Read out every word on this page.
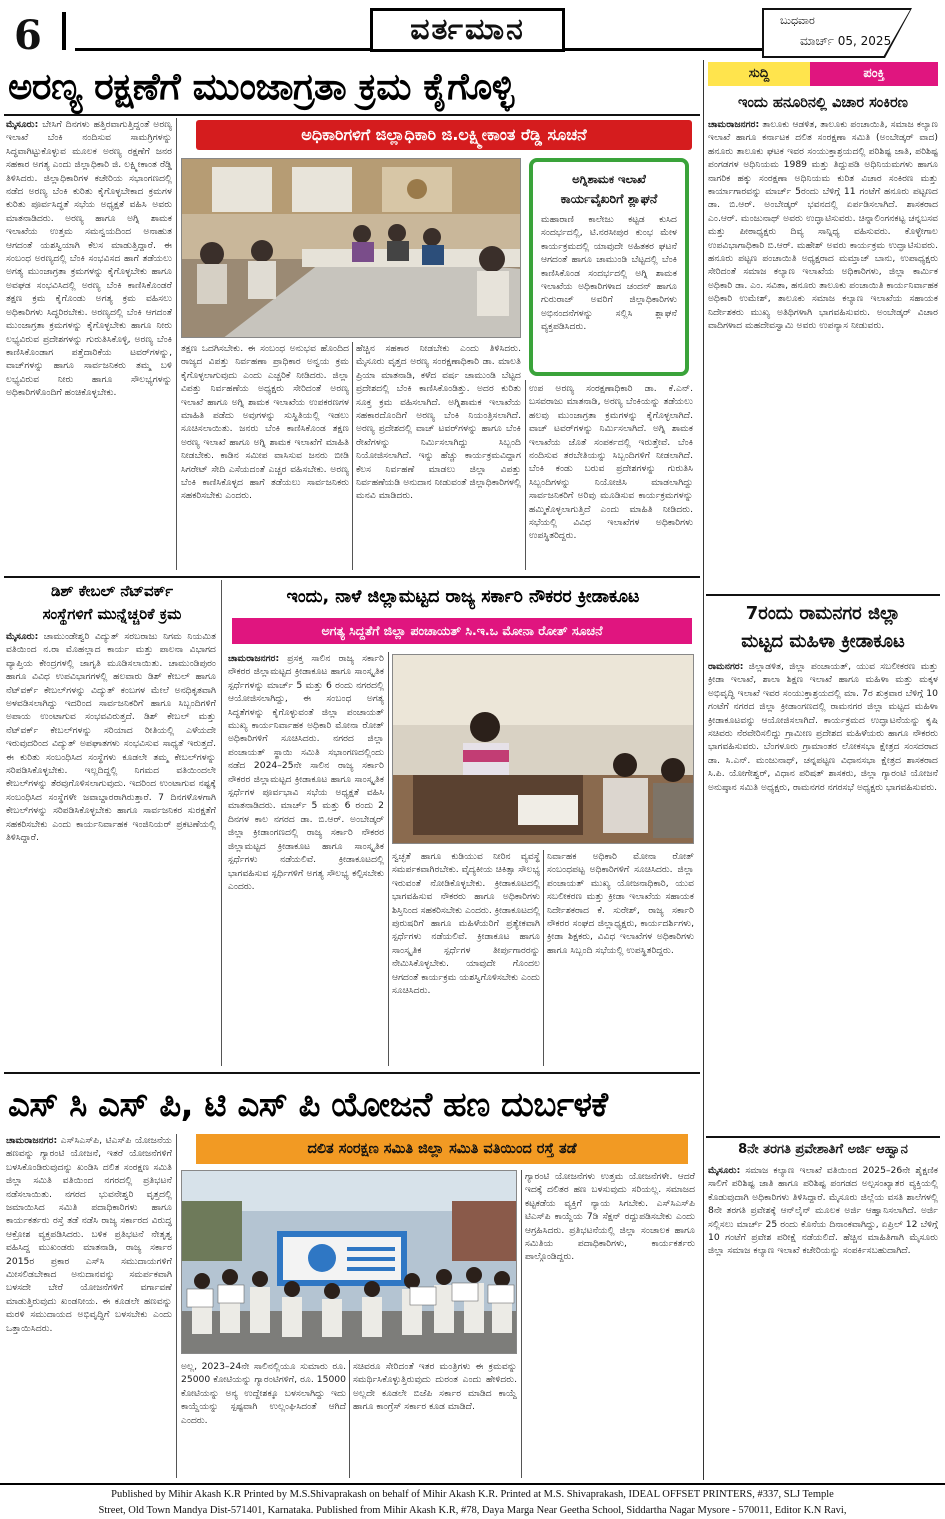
6	ವರ್ತಮಾನ	ಬುಧವಾರ
ಮಾರ್ಚ್ 05, 2025
ಅರಣ್ಯ ರಕ್ಷಣೆಗೆ ಮುಂಜಾಗ್ರತಾ ಕ್ರಮ ಕೈಗೊಳ್ಳಿ
ಮೈಸೂರು: ಬೇಸಿಗೆ ದಿನಗಳು ಹತ್ತಿರವಾಗುತ್ತಿದ್ದಂತೆ ಅರಣ್ಯ ಇಲಾಖೆ ಬೆಂಕಿ ನಂದಿಸುವ ಸಾಮಗ್ರಿಗಳನ್ನು ಸಿದ್ಧವಾಗಿಟ್ಟುಕೊಳ್ಳುವ ಮೂಲಕ ಅರಣ್ಯ ರಕ್ಷಣೆಗೆ ಜನರ ಸಹಕಾರ ಅಗತ್ಯ ಎಂದು ಜಿಲ್ಲಾಧಿಕಾರಿ ಜಿ. ಲಕ್ಷ್ಮೀಕಾಂತ ರೆಡ್ಡಿ ತಿಳಿಸಿದರು. ಜಿಲ್ಲಾಧಿಕಾರಿಗಳ ಕಚೇರಿಯ ಸಭಾಂಗಣದಲ್ಲಿ ನಡೆದ ಅರಣ್ಯ ಬೆಂಕಿ ಕುರಿತು ಕೈಗೊಳ್ಳಬೇಕಾದ ಕ್ರಮಗಳ ಕುರಿತು ಪೂರ್ವಸಿದ್ಧತೆ ಸಭೆಯ ಅಧ್ಯಕ್ಷತೆ ವಹಿಸಿ ಅವರು ಮಾತನಾಡಿದರು. ಅರಣ್ಯ ಹಾಗೂ ಅಗ್ನಿ ಶಾಮಕ ಇಲಾಖೆಯ ಉತ್ತಮ ಸಮನ್ವಯದಿಂದ ಅನಾಹುತ ಆಗದಂತೆ ಯಶಸ್ವಿಯಾಗಿ ಕೆಲಸ ಮಾಡುತ್ತಿದ್ದಾರೆ. ಈ ಸಂಬಂಧ ಅರಣ್ಯದಲ್ಲಿ ಬೆಂಕಿ ಸಂಭವಿಸದ ಹಾಗೆ ತಡೆಯಲು ಅಗತ್ಯ ಮುಂಜಾಗ್ರತಾ ಕ್ರಮಗಳನ್ನು ಕೈಗೊಳ್ಳಬೇಕು ಹಾಗೂ ಅವಘಡ ಸಂಭವಿಸಿದಲ್ಲಿ ಅರಣ್ಯ ಬೆಂಕಿ ಕಾಣಿಸಿಕೊಂಡರೆ ತಕ್ಷಣ ಕ್ರಮ ಕೈಗೊಂಡು ಅಗತ್ಯ ಕ್ರಮ ವಹಿಸಲು ಅಧಿಕಾರಿಗಳು ಸಿದ್ಧರಿರಬೇಕು. ಅರಣ್ಯದಲ್ಲಿ ಬೆಂಕಿ ಆಗದಂತೆ ಮುಂಜಾಗ್ರತಾ ಕ್ರಮಗಳನ್ನು ಕೈಗೊಳ್ಳಬೇಕು ಹಾಗೂ ನೀರು ಲಭ್ಯವಿರುವ ಪ್ರದೇಶಗಳನ್ನು ಗುರುತಿಸಿಕೊಳ್ಳಿ, ಅರಣ್ಯ ಬೆಂಕಿ ಕಾಣಿಸಿಕೊಂಡಾಗ ಪತ್ತೆದಾರಿಕೆಯ ಟವರ್‌ಗಳನ್ನು, ವಾಚ್‌ಗಳನ್ನು ಹಾಗೂ ಸಾರ್ವಜನಿಕರು ತಮ್ಮ ಬಳಿ ಲಭ್ಯವಿರುವ ನೀರು ಹಾಗೂ ಸೌಲಭ್ಯಗಳನ್ನು ಅಧಿಕಾರಿಗಳೊಂದಿಗೆ ಹಂಚಿಕೊಳ್ಳಬೇಕು.
ಅಧಿಕಾರಿಗಳಿಗೆ ಜಿಲ್ಲಾಧಿಕಾರಿ ಜಿ.ಲಕ್ಷ್ಮೀಕಾಂತ ರೆಡ್ಡಿ ಸೂಚನೆ
ಅಗ್ನಿಶಾಮಕ ಇಲಾಖೆ
ಕಾರ್ಯವೈಖರಿಗೆ ಶ್ಲಾಘನೆ
ಮಹಾರಾಣಿ ಕಾಲೇಜು ಕಟ್ಟಡ ಕುಸಿದ ಸಂದರ್ಭದಲ್ಲಿ, ಟಿ.ನರಸೀಪುರ ಕುಂಭ ಮೇಳ ಕಾರ್ಯಕ್ರಮದಲ್ಲಿ ಯಾವುದೇ ಅಹಿತಕರ ಘಟನೆ ಆಗದಂತೆ ಹಾಗೂ ಚಾಮುಂಡಿ ಬೆಟ್ಟದಲ್ಲಿ ಬೆಂಕಿ ಕಾಣಿಸಿಕೊಂಡ ಸಂದರ್ಭದಲ್ಲಿ ಅಗ್ನಿ ಶಾಮಕ ಇಲಾಖೆಯ ಅಧಿಕಾರಿಗಳಾದ ಚಂದನ್ ಹಾಗೂ ಗುರುರಾಜ್ ಅವರಿಗೆ ಜಿಲ್ಲಾಧಿಕಾರಿಗಳು ಅಭಿನಂದನೆಗಳನ್ನು ಸಲ್ಲಿಸಿ ಶ್ಲಾಘನೆ ವ್ಯಕ್ತಪಡಿಸಿದರು.
ತಕ್ಷಣ ಒದಗಿಸಬೇಕು. ಈ ಸಂಬಂಧ ಅನುಭವ ಹೊಂದಿದ ರಾಜ್ಯದ ವಿಪತ್ತು ನಿರ್ವಹಣಾ ಪ್ರಾಧಿಕಾರ ಅನ್ವಯ ಕ್ರಮ ಕೈಗೊಳ್ಳಲಾಗುವುದು ಎಂದು ಎಚ್ಚರಿಕೆ ನೀಡಿದರು. ಜಿಲ್ಲಾ ವಿಪತ್ತು ನಿರ್ವಹಣೆಯ ಅಧ್ಯಕ್ಷರು ಸೇರಿದಂತೆ ಅರಣ್ಯ ಇಲಾಖೆ ಹಾಗೂ ಅಗ್ನಿ ಶಾಮಕ ಇಲಾಖೆಯ ಉಪಕರಣಗಳ ಮಾಹಿತಿ ಪಡೆದು ಅವುಗಳನ್ನು ಸುಸ್ಥಿತಿಯಲ್ಲಿ ಇಡಲು ಸೂಚಿಸಲಾಯಿತು. ಜನರು ಬೆಂಕಿ ಕಾಣಿಸಿಕೊಂಡ ತಕ್ಷಣ ಅರಣ್ಯ ಇಲಾಖೆ ಹಾಗೂ ಅಗ್ನಿ ಶಾಮಕ ಇಲಾಖೆಗೆ ಮಾಹಿತಿ ನೀಡಬೇಕು. ಕಾಡಿನ ಸಮೀಪ ವಾಸಿಸುವ ಜನರು ಬೀಡಿ ಸಿಗರೇಟ್ ಸೇದಿ ಎಸೆಯದಂತೆ ಎಚ್ಚರ ವಹಿಸಬೇಕು. ಅರಣ್ಯ ಬೆಂಕಿ ಕಾಣಿಸಿಕೊಳ್ಳದ ಹಾಗೆ ತಡೆಯಲು ಸಾರ್ವಜನಿಕರು ಸಹಕರಿಸಬೇಕು ಎಂದರು.
ಹೆಚ್ಚಿನ ಸಹಕಾರ ನೀಡಬೇಕು ಎಂದು ತಿಳಿಸಿದರು. ಮೈಸೂರು ವೃತ್ತದ ಅರಣ್ಯ ಸಂರಕ್ಷಣಾಧಿಕಾರಿ ಡಾ. ಮಾಲತಿ ಪ್ರಿಯಾ ಮಾತನಾಡಿ, ಕಳೆದ ವರ್ಷ ಚಾಮುಂಡಿ ಬೆಟ್ಟದ ಪ್ರದೇಶದಲ್ಲಿ ಬೆಂಕಿ ಕಾಣಿಸಿಕೊಂಡಿತ್ತು. ಅದರ ಕುರಿತು ಸೂಕ್ತ ಕ್ರಮ ವಹಿಸಲಾಗಿದೆ. ಅಗ್ನಿಶಾಮಕ ಇಲಾಖೆಯ ಸಹಕಾರದೊಂದಿಗೆ ಅರಣ್ಯ ಬೆಂಕಿ ನಿಯಂತ್ರಿಸಲಾಗಿದೆ. ಅರಣ್ಯ ಪ್ರದೇಶದಲ್ಲಿ ವಾಚ್ ಟವರ್‌ಗಳನ್ನು ಹಾಗೂ ಬೆಂಕಿ ರೇಖೆಗಳನ್ನು ನಿರ್ಮಿಸಲಾಗಿದ್ದು ಸಿಬ್ಬಂದಿ ನಿಯೋಜಿಸಲಾಗಿದೆ. ಇನ್ನು ಹೆಚ್ಚು ಕಾರ್ಯಕ್ರಮವಿದ್ದಾಗ ಕೆಲಸ ನಿರ್ವಹಣೆ ಮಾಡಲು ಜಿಲ್ಲಾ ವಿಪತ್ತು ನಿರ್ವಹಣೆಯಡಿ ಅನುದಾನ ನೀಡುವಂತೆ ಜಿಲ್ಲಾಧಿಕಾರಿಗಳಲ್ಲಿ ಮನವಿ ಮಾಡಿದರು.
ಉಪ ಅರಣ್ಯ ಸಂರಕ್ಷಣಾಧಿಕಾರಿ ಡಾ. ಕೆ.ಎನ್. ಬಸವರಾಜು ಮಾತನಾಡಿ, ಅರಣ್ಯ ಬೆಂಕಿಯನ್ನು ತಡೆಯಲು ಹಲವು ಮುಂಜಾಗ್ರತಾ ಕ್ರಮಗಳನ್ನು ಕೈಗೊಳ್ಳಲಾಗಿದೆ. ವಾಚ್ ಟವರ್‌ಗಳನ್ನು ನಿರ್ಮಿಸಲಾಗಿದೆ. ಅಗ್ನಿ ಶಾಮಕ ಇಲಾಖೆಯ ಜೊತೆ ಸಂಪರ್ಕದಲ್ಲಿ ಇರುತ್ತೇವೆ. ಬೆಂಕಿ ನಂದಿಸುವ ತರಬೇತಿಯನ್ನು ಸಿಬ್ಬಂದಿಗಳಿಗೆ ನೀಡಲಾಗಿದೆ. ಬೆಂಕಿ ಕಂಡು ಬರುವ ಪ್ರದೇಶಗಳನ್ನು ಗುರುತಿಸಿ ಸಿಬ್ಬಂದಿಗಳನ್ನು ನಿಯೋಜಿಸಿ ಮಾಡಲಾಗಿದ್ದು ಸಾರ್ವಜನಿಕರಿಗೆ ಅರಿವು ಮೂಡಿಸುವ ಕಾರ್ಯಕ್ರಮಗಳನ್ನು ಹಮ್ಮಿಕೊಳ್ಳಲಾಗುತ್ತಿದೆ ಎಂದು ಮಾಹಿತಿ ನೀಡಿದರು. ಸಭೆಯಲ್ಲಿ ವಿವಿಧ ಇಲಾಖೆಗಳ ಅಧಿಕಾರಿಗಳು ಉಪಸ್ಥಿತರಿದ್ದರು.
ಡಿಶ್ ಕೇಬಲ್ ನೆಟ್‌ವರ್ಕ್
ಸಂಸ್ಥೆಗಳಿಗೆ ಮುನ್ನೆಚ್ಚರಿಕೆ ಕ್ರಮ
ಮೈಸೂರು: ಚಾಮುಂಡೇಶ್ವರಿ ವಿದ್ಯುತ್ ಸರಬರಾಜು ನಿಗಮ ನಿಯಮಿತ ವತಿಯಿಂದ ನ.ರಾ ಮೊಹಲ್ಲಾದ ಕಾರ್ಯ ಮತ್ತು ಪಾಲನಾ ವಿಭಾಗದ ವ್ಯಾಪ್ತಿಯ ಕೇಂದ್ರಗಳಲ್ಲಿ ಜಾಗೃತಿ ಮೂಡಿಸಲಾಯಿತು. ಚಾಮುಂಡಿಪುರಂ ಹಾಗೂ ವಿವಿಧ ಉಪವಿಭಾಗಗಳಲ್ಲಿ ಹಲವಾರು ಡಿಶ್ ಕೇಬಲ್ ಹಾಗೂ ನೆಟ್‌ವರ್ಕ್ ಕೇಬಲ್‌ಗಳನ್ನು ವಿದ್ಯುತ್ ಕಂಬಗಳ ಮೇಲೆ ಅನಧಿಕೃತವಾಗಿ ಅಳವಡಿಸಲಾಗಿದ್ದು ಇದರಿಂದ ಸಾರ್ವಜನಿಕರಿಗೆ ಹಾಗೂ ಸಿಬ್ಬಂದಿಗಳಿಗೆ ಅಪಾಯ ಉಂಟಾಗುವ ಸಂಭವವಿರುತ್ತದೆ. ಡಿಶ್ ಕೇಬಲ್ ಮತ್ತು ನೆಟ್‌ವರ್ಕ್ ಕೇಬಲ್‌ಗಳನ್ನು ಸರಿಯಾದ ರೀತಿಯಲ್ಲಿ ಎಳೆಯದೇ ಇರುವುದರಿಂದ ವಿದ್ಯುತ್ ಅಪಘಾತಗಳು ಸಂಭವಿಸುವ ಸಾಧ್ಯತೆ ಇರುತ್ತದೆ. ಈ ಕುರಿತು ಸಂಬಂಧಿಸಿದ ಸಂಸ್ಥೆಗಳು ಕೂಡಲೇ ತಮ್ಮ ಕೇಬಲ್‌ಗಳನ್ನು ಸರಿಪಡಿಸಿಕೊಳ್ಳಬೇಕು. ಇಲ್ಲದಿದ್ದಲ್ಲಿ ನಿಗಮದ ವತಿಯಿಂದಲೇ ಕೇಬಲ್‌ಗಳನ್ನು ತೆರವುಗೊಳಿಸಲಾಗುವುದು. ಇದರಿಂದ ಉಂಟಾಗುವ ನಷ್ಟಕ್ಕೆ ಸಂಬಂಧಿಸಿದ ಸಂಸ್ಥೆಗಳೇ ಜವಾಬ್ದಾರರಾಗಿರುತ್ತಾರೆ. 7 ದಿನಗಳೊಳಗಾಗಿ ಕೇಬಲ್‌ಗಳನ್ನು ಸರಿಪಡಿಸಿಕೊಳ್ಳಬೇಕು ಹಾಗೂ ಸಾರ್ವಜನಿಕರ ಸುರಕ್ಷತೆಗೆ ಸಹಕರಿಸಬೇಕು ಎಂದು ಕಾರ್ಯನಿರ್ವಾಹಕ ಇಂಜಿನಿಯರ್ ಪ್ರಕಟಣೆಯಲ್ಲಿ ತಿಳಿಸಿದ್ದಾರೆ.
ಇಂದು, ನಾಳೆ ಜಿಲ್ಲಾಮಟ್ಟದ ರಾಜ್ಯ ಸರ್ಕಾರಿ ನೌಕರರ ಕ್ರೀಡಾಕೂಟ
ಅಗತ್ಯ ಸಿದ್ದತೆಗೆ ಜಿಲ್ಲಾ ಪಂಚಾಯತ್ ಸಿ.ಇ.ಒ ಮೋನಾ ರೋತ್ ಸೂಚನೆ
ಚಾಮರಾಜನಗರ: ಪ್ರಸಕ್ತ ಸಾಲಿನ ರಾಜ್ಯ ಸರ್ಕಾರಿ ನೌಕರರ ಜಿಲ್ಲಾಮಟ್ಟದ ಕ್ರೀಡಾಕೂಟ ಹಾಗೂ ಸಾಂಸ್ಕೃತಿಕ ಸ್ಪರ್ಧೆಗಳನ್ನು ಮಾರ್ಚ್ 5 ಮತ್ತು 6 ರಂದು ನಗರದಲ್ಲಿ ಆಯೋಜಿಸಲಾಗಿದ್ದು, ಈ ಸಂಬಂಧ ಅಗತ್ಯ ಸಿದ್ಧತೆಗಳನ್ನು ಕೈಗೊಳ್ಳುವಂತೆ ಜಿಲ್ಲಾ ಪಂಚಾಯತ್ ಮುಖ್ಯ ಕಾರ್ಯನಿರ್ವಾಹಕ ಅಧಿಕಾರಿ ಮೋನಾ ರೋತ್ ಅಧಿಕಾರಿಗಳಿಗೆ ಸೂಚಿಸಿದರು. ನಗರದ ಜಿಲ್ಲಾ ಪಂಚಾಯತ್ ಸ್ಥಾಯಿ ಸಮಿತಿ ಸಭಾಂಗಣದಲ್ಲಿಂದು ನಡೆದ 2024–25ನೇ ಸಾಲಿನ ರಾಜ್ಯ ಸರ್ಕಾರಿ ನೌಕರರ ಜಿಲ್ಲಾಮಟ್ಟದ ಕ್ರೀಡಾಕೂಟ ಹಾಗೂ ಸಾಂಸ್ಕೃತಿಕ ಸ್ಪರ್ಧೆಗಳ ಪೂರ್ವಭಾವಿ ಸಭೆಯ ಅಧ್ಯಕ್ಷತೆ ವಹಿಸಿ ಮಾತನಾಡಿದರು. ಮಾರ್ಚ್ 5 ಮತ್ತು 6 ರಂದು 2 ದಿನಗಳ ಕಾಲ ನಗರದ ಡಾ. ಬಿ.ಆರ್. ಅಂಬೇಡ್ಕರ್ ಜಿಲ್ಲಾ ಕ್ರೀಡಾಂಗಣದಲ್ಲಿ ರಾಜ್ಯ ಸರ್ಕಾರಿ ನೌಕರರ ಜಿಲ್ಲಾಮಟ್ಟದ ಕ್ರೀಡಾಕೂಟ ಹಾಗೂ ಸಾಂಸ್ಕೃತಿಕ ಸ್ಪರ್ಧೆಗಳು ನಡೆಯಲಿವೆ. ಕ್ರೀಡಾಕೂಟದಲ್ಲಿ ಭಾಗವಹಿಸುವ ಸ್ಪರ್ಧಿಗಳಿಗೆ ಅಗತ್ಯ ಸೌಲಭ್ಯ ಕಲ್ಪಿಸಬೇಕು ಎಂದರು.
ಸ್ವಚ್ಛತೆ ಹಾಗೂ ಕುಡಿಯುವ ನೀರಿನ ವ್ಯವಸ್ಥೆ ಸಮರ್ಪಕವಾಗಿರಬೇಕು. ವೈದ್ಯಕೀಯ ಚಿಕಿತ್ಸಾ ಸೌಲಭ್ಯ ಇರುವಂತೆ ನೋಡಿಕೊಳ್ಳಬೇಕು. ಕ್ರೀಡಾಕೂಟದಲ್ಲಿ ಭಾಗವಹಿಸುವ ನೌಕರರು ಹಾಗೂ ಅಧಿಕಾರಿಗಳು ಶಿಸ್ತಿನಿಂದ ಸಹಕರಿಸಬೇಕು ಎಂದರು. ಕ್ರೀಡಾಕೂಟದಲ್ಲಿ ಪುರುಷರಿಗೆ ಹಾಗೂ ಮಹಿಳೆಯರಿಗೆ ಪ್ರತ್ಯೇಕವಾಗಿ ಸ್ಪರ್ಧೆಗಳು ನಡೆಯಲಿವೆ. ಕ್ರೀಡಾಕೂಟ ಹಾಗೂ ಸಾಂಸ್ಕೃತಿಕ ಸ್ಪರ್ಧೆಗಳ ತೀರ್ಪುಗಾರರನ್ನು ನೇಮಿಸಿಕೊಳ್ಳಬೇಕು. ಯಾವುದೇ ಗೊಂದಲ ಆಗದಂತೆ ಕಾರ್ಯಕ್ರಮ ಯಶಸ್ವಿಗೊಳಿಸಬೇಕು ಎಂದು ಸೂಚಿಸಿದರು.
ನಿರ್ವಾಹಕ ಅಧಿಕಾರಿ ಮೋನಾ ರೋತ್ ಸಂಬಂಧಪಟ್ಟ ಅಧಿಕಾರಿಗಳಿಗೆ ಸೂಚಿಸಿದರು. ಜಿಲ್ಲಾ ಪಂಚಾಯತ್ ಮುಖ್ಯ ಯೋಜನಾಧಿಕಾರಿ, ಯುವ ಸಬಲೀಕರಣ ಮತ್ತು ಕ್ರೀಡಾ ಇಲಾಖೆಯ ಸಹಾಯಕ ನಿರ್ದೇಶಕರಾದ ಕೆ. ಸುರೇಶ್, ರಾಜ್ಯ ಸರ್ಕಾರಿ ನೌಕರರ ಸಂಘದ ಜಿಲ್ಲಾಧ್ಯಕ್ಷರು, ಕಾರ್ಯದರ್ಶಿಗಳು, ಕ್ರೀಡಾ ಶಿಕ್ಷಕರು, ವಿವಿಧ ಇಲಾಖೆಗಳ ಅಧಿಕಾರಿಗಳು ಹಾಗೂ ಸಿಬ್ಬಂದಿ ಸಭೆಯಲ್ಲಿ ಉಪಸ್ಥಿತರಿದ್ದರು.
ಎಸ್ ಸಿ ಎಸ್ ಪಿ, ಟಿ ಎಸ್ ಪಿ ಯೋಜನೆ ಹಣ ದುರ್ಬಳಕೆ
ಚಾಮರಾಜನಗರ: ಎಸ್‌ಸಿಎಸ್‌ಪಿ, ಟಿಎಸ್‌ಪಿ ಯೋಜನೆಯ ಹಣವನ್ನು ಗ್ಯಾರಂಟಿ ಯೋಜನೆ, ಇತರೆ ಯೋಜನೆಗಳಿಗೆ ಬಳಸಿಕೊಂಡಿರುವುದನ್ನು ಖಂಡಿಸಿ ದಲಿತ ಸಂರಕ್ಷಣ ಸಮಿತಿ ಜಿಲ್ಲಾ ಸಮಿತಿ ವತಿಯಿಂದ ನಗರದಲ್ಲಿ ಪ್ರತಿಭಟನೆ ನಡೆಸಲಾಯಿತು. ನಗರದ ಭುವನೇಶ್ವರಿ ವೃತ್ತದಲ್ಲಿ ಜಮಾಯಿಸಿದ ಸಮಿತಿ ಪದಾಧಿಕಾರಿಗಳು ಹಾಗೂ ಕಾರ್ಯಕರ್ತರು ರಸ್ತೆ ತಡೆ ನಡೆಸಿ ರಾಜ್ಯ ಸರ್ಕಾರದ ವಿರುದ್ಧ ಆಕ್ರೋಶ ವ್ಯಕ್ತಪಡಿಸಿದರು. ಬಳಿಕ ಪ್ರತಿಭಟನೆ ನೇತೃತ್ವ ವಹಿಸಿದ್ದ ಮುಖಂಡರು ಮಾತನಾಡಿ, ರಾಜ್ಯ ಸರ್ಕಾರ 2015ರ ಪ್ರಕಾರ ಎಸ್‌ಸಿ ಸಮುದಾಯಗಳಿಗೆ ಮೀಸಲಿಡಬೇಕಾದ ಅನುದಾನವನ್ನು ಸಮರ್ಪಕವಾಗಿ ಬಳಸದೇ ಬೇರೆ ಯೋಜನೆಗಳಿಗೆ ವರ್ಗಾವಣೆ ಮಾಡುತ್ತಿರುವುದು ಖಂಡನೀಯ. ಈ ಕೂಡಲೇ ಹಣವನ್ನು ಮರಳಿ ಸಮುದಾಯದ ಅಭಿವೃದ್ಧಿಗೆ ಬಳಸಬೇಕು ಎಂದು ಒತ್ತಾಯಿಸಿದರು.
ದಲಿತ ಸಂರಕ್ಷಣ ಸಮಿತಿ ಜಿಲ್ಲಾ ಸಮಿತಿ ವತಿಯಿಂದ ರಸ್ತೆ ತಡೆ
ಅಲ್ಲ, 2023–24ನೇ ಸಾಲಿನಲ್ಲಿಯೂ ಸುಮಾರು ರೂ. 25000 ಕೋಟಿಯನ್ನು ಗ್ಯಾರಂಟಿಗಳಿಗೆ, ರೂ. 15000 ಕೋಟಿಯನ್ನು ಅನ್ಯ ಉದ್ದೇಶಕ್ಕೂ ಬಳಸಲಾಗಿದ್ದು ಇದು ಕಾಯ್ದೆಯನ್ನು ಸ್ಪಷ್ಟವಾಗಿ ಉಲ್ಲಂಘಿಸಿದಂತೆ ಆಗಿದೆ ಎಂದರು.
ಸಚಿವರೂ ಸೇರಿದಂತೆ ಇತರ ಮಂತ್ರಿಗಳು ಈ ಕ್ರಮವನ್ನು ಸಮರ್ಥಿಸಿಕೊಳ್ಳುತ್ತಿರುವುದು ದುರಂತ ಎಂದು ಹೇಳಿದರು. ಅಲ್ಲದೇ ಕೂಡಲೇ ಬಿಜೆಪಿ ಸರ್ಕಾರ ಮಾಡಿದ ಕಾಯ್ದೆ ಹಾಗೂ ಕಾಂಗ್ರೆಸ್ ಸರ್ಕಾರ ಕೂಡ ಮಾಡಿದೆ.
ಗ್ಯಾರಂಟಿ ಯೋಜನೆಗಳು ಉತ್ತಮ ಯೋಜನೆಗಳೇ. ಆದರೆ ಇದಕ್ಕೆ ದಲಿತರ ಹಣ ಬಳಸುವುದು ಸರಿಯಲ್ಲ. ಸಮಾಜದ ಕಟ್ಟಕಡೆಯ ವ್ಯಕ್ತಿಗೆ ನ್ಯಾಯ ಸಿಗಬೇಕು. ಎಸ್‌ಸಿಎಸ್‌ಪಿ ಟಿಎಸ್‌ಪಿ ಕಾಯ್ದೆಯ 7ಡಿ ಸೆಕ್ಷನ್ ರದ್ದುಪಡಿಸಬೇಕು ಎಂದು ಆಗ್ರಹಿಸಿದರು. ಪ್ರತಿಭಟನೆಯಲ್ಲಿ ಜಿಲ್ಲಾ ಸಂಚಾಲಕ ಹಾಗೂ ಸಮಿತಿಯ ಪದಾಧಿಕಾರಿಗಳು, ಕಾರ್ಯಕರ್ತರು ಪಾಲ್ಗೊಂಡಿದ್ದರು.
ಸುದ್ದಿ	ಪಂಕ್ತಿ
ಇಂದು ಹನೂರಿನಲ್ಲಿ ವಿಚಾರ ಸಂಕಿರಣ
ಚಾಮರಾಜನಗರ: ತಾಲೂಕು ಆಡಳಿತ, ತಾಲೂಕು ಪಂಚಾಯಿತಿ, ಸಮಾಜ ಕಲ್ಯಾಣ ಇಲಾಖೆ ಹಾಗೂ ಕರ್ನಾಟಕ ದಲಿತ ಸಂರಕ್ಷಣಾ ಸಮಿತಿ (ಅಂಬೇಡ್ಕರ್ ವಾದ) ಹನೂರು ತಾಲೂಕು ಘಟಕ ಇವರ ಸಂಯುಕ್ತಾಶ್ರಯದಲ್ಲಿ ಪರಿಶಿಷ್ಟ ಜಾತಿ, ಪರಿಶಿಷ್ಟ ಪಂಗಡಗಳ ಅಧಿನಿಯಮ 1989 ಮತ್ತು ತಿದ್ದುಪಡಿ ಅಧಿನಿಯಮಗಳು ಹಾಗೂ ನಾಗರಿಕ ಹಕ್ಕು ಸಂರಕ್ಷಣಾ ಅಧಿನಿಯಮ ಕುರಿತ ವಿಚಾರ ಸಂಕಿರಣ ಮತ್ತು ಕಾರ್ಯಾಗಾರವನ್ನು ಮಾರ್ಚ್ 5ರಂದು ಬೆಳಿಗ್ಗೆ 11 ಗಂಟೆಗೆ ಹನೂರು ಪಟ್ಟಣದ ಡಾ. ಬಿ.ಆರ್. ಅಂಬೇಡ್ಕರ್ ಭವನದಲ್ಲಿ ಏರ್ಪಡಿಸಲಾಗಿದೆ. ಶಾಸಕರಾದ ಎಂ.ಆರ್. ಮಂಜುನಾಥ್ ಅವರು ಉದ್ಘಾಟಿಸುವರು. ಚಿನ್ನಾಲಿಂಗನಕಟ್ಟ ಚನ್ನಬಸವ ಮತ್ತು ಪೀಠಾಧ್ಯಕ್ಷರು ದಿವ್ಯ ಸಾನ್ನಿಧ್ಯ ವಹಿಸುವರು. ಕೊಳ್ಳೇಗಾಲ ಉಪವಿಭಾಗಾಧಿಕಾರಿ ಬಿ.ಆರ್. ಮಹೇಶ್ ಅವರು ಕಾರ್ಯಕ್ರಮ ಉದ್ಘಾಟಿಸುವರು. ಹನೂರು ಪಟ್ಟಣ ಪಂಚಾಯಿತಿ ಅಧ್ಯಕ್ಷರಾದ ಮಮ್ತಾಜ್ ಬಾನು, ಉಪಾಧ್ಯಕ್ಷರು ಸೇರಿದಂತೆ ಸಮಾಜ ಕಲ್ಯಾಣ ಇಲಾಖೆಯ ಅಧಿಕಾರಿಗಳು, ಜಿಲ್ಲಾ ಕಾರ್ಮಿಕ ಅಧಿಕಾರಿ ಡಾ. ಎಂ. ಸವಿತಾ, ಹನೂರು ತಾಲೂಕು ಪಂಚಾಯಿತಿ ಕಾರ್ಯನಿರ್ವಾಹಕ ಅಧಿಕಾರಿ ಉಮೇಶ್, ತಾಲೂಕು ಸಮಾಜ ಕಲ್ಯಾಣ ಇಲಾಖೆಯ ಸಹಾಯಕ ನಿರ್ದೇಶಕರು ಮುಖ್ಯ ಅತಿಥಿಗಳಾಗಿ ಭಾಗವಹಿಸುವರು. ಅಂಬೇಡ್ಕರ್ ವಿಚಾರ ವಾದಿಗಳಾದ ಮಹದೇವಸ್ವಾಮಿ ಅವರು ಉಪನ್ಯಾಸ ನೀಡುವರು.
7ರಂದು ರಾಮನಗರ ಜಿಲ್ಲಾ
ಮಟ್ಟದ ಮಹಿಳಾ ಕ್ರೀಡಾಕೂಟ
ರಾಮನಗರ: ಜಿಲ್ಲಾಡಳಿತ, ಜಿಲ್ಲಾ ಪಂಚಾಯತ್, ಯುವ ಸಬಲೀಕರಣ ಮತ್ತು ಕ್ರೀಡಾ ಇಲಾಖೆ, ಶಾಲಾ ಶಿಕ್ಷಣ ಇಲಾಖೆ ಹಾಗೂ ಮಹಿಳಾ ಮತ್ತು ಮಕ್ಕಳ ಅಭಿವೃದ್ಧಿ ಇಲಾಖೆ ಇವರ ಸಂಯುಕ್ತಾಶ್ರಯದಲ್ಲಿ ಮಾ. 7ರ ಶುಕ್ರವಾರ ಬೆಳಿಗ್ಗೆ 10 ಗಂಟೆಗೆ ನಗರದ ಜಿಲ್ಲಾ ಕ್ರೀಡಾಂಗಣದಲ್ಲಿ ರಾಮನಗರ ಜಿಲ್ಲಾ ಮಟ್ಟದ ಮಹಿಳಾ ಕ್ರೀಡಾಕೂಟವನ್ನು ಆಯೋಜಿಸಲಾಗಿದೆ. ಕಾರ್ಯಕ್ರಮದ ಉದ್ಘಾಟನೆಯನ್ನು ಕೃಷಿ ಸಚಿವರು ನೆರವೇರಿಸಲಿದ್ದು ಗ್ರಾಮೀಣ ಪ್ರದೇಶದ ಮಹಿಳೆಯರು ಹಾಗೂ ನೌಕರರು ಭಾಗವಹಿಸುವರು. ಬೆಂಗಳೂರು ಗ್ರಾಮಾಂತರ ಲೋಕಸಭಾ ಕ್ಷೇತ್ರದ ಸಂಸದರಾದ ಡಾ. ಸಿ.ಎನ್. ಮಂಜುನಾಥ್, ಚನ್ನಪಟ್ಟಣ ವಿಧಾನಸಭಾ ಕ್ಷೇತ್ರದ ಶಾಸಕರಾದ ಸಿ.ಪಿ. ಯೋಗೇಶ್ವರ್, ವಿಧಾನ ಪರಿಷತ್ ಶಾಸಕರು, ಜಿಲ್ಲಾ ಗ್ಯಾರಂಟಿ ಯೋಜನೆ ಅನುಷ್ಠಾನ ಸಮಿತಿ ಅಧ್ಯಕ್ಷರು, ರಾಮನಗರ ನಗರಸಭೆ ಅಧ್ಯಕ್ಷರು ಭಾಗವಹಿಸುವರು.
8ನೇ ತರಗತಿ ಪ್ರವೇಶಾತಿಗೆ ಅರ್ಜಿ ಆಹ್ವಾನ
ಮೈಸೂರು: ಸಮಾಜ ಕಲ್ಯಾಣ ಇಲಾಖೆ ವತಿಯಿಂದ 2025–26ನೇ ಶೈಕ್ಷಣಿಕ ಸಾಲಿಗೆ ಪರಿಶಿಷ್ಟ ಜಾತಿ ಹಾಗೂ ಪರಿಶಿಷ್ಟ ಪಂಗಡದ ಅಲ್ಪಸಂಖ್ಯಾತರ ವ್ಯಕ್ತಿಯಲ್ಲಿ ಕೊಡುವುದಾಗಿ ಅಧಿಕಾರಿಗಳು ತಿಳಿಸಿದ್ದಾರೆ. ಮೈಸೂರು ಜಿಲ್ಲೆಯ ವಸತಿ ಶಾಲೆಗಳಲ್ಲಿ 8ನೇ ತರಗತಿ ಪ್ರವೇಶಕ್ಕೆ ಆನ್‌ಲೈನ್ ಮೂಲಕ ಅರ್ಜಿ ಆಹ್ವಾನಿಸಲಾಗಿದೆ. ಅರ್ಜಿ ಸಲ್ಲಿಸಲು ಮಾರ್ಚ್ 25 ರಂದು ಕೊನೆಯ ದಿನಾಂಕವಾಗಿದ್ದು, ಏಪ್ರಿಲ್ 12 ಬೆಳಿಗ್ಗೆ 10 ಗಂಟೆಗೆ ಪ್ರವೇಶ ಪರೀಕ್ಷೆ ನಡೆಯಲಿದೆ. ಹೆಚ್ಚಿನ ಮಾಹಿತಿಗಾಗಿ ಮೈಸೂರು ಜಿಲ್ಲಾ ಸಮಾಜ ಕಲ್ಯಾಣ ಇಲಾಖೆ ಕಚೇರಿಯನ್ನು ಸಂಪರ್ಕಿಸಬಹುದಾಗಿದೆ.
Published by Mihir Akash K.R Printed by M.S.Shivaprakash on behalf of Mihir Akash K.R. Printed at M.S. Shivaprakash, IDEAL OFFSET PRINTERS, #337, SLJ Temple
Street, Old Town Mandya Dist-571401, Karnataka. Published from Mihir Akash K.R, #78, Daya Marga Near Geetha School, Siddartha Nagar Mysore - 570011, Editor K.N Ravi,
